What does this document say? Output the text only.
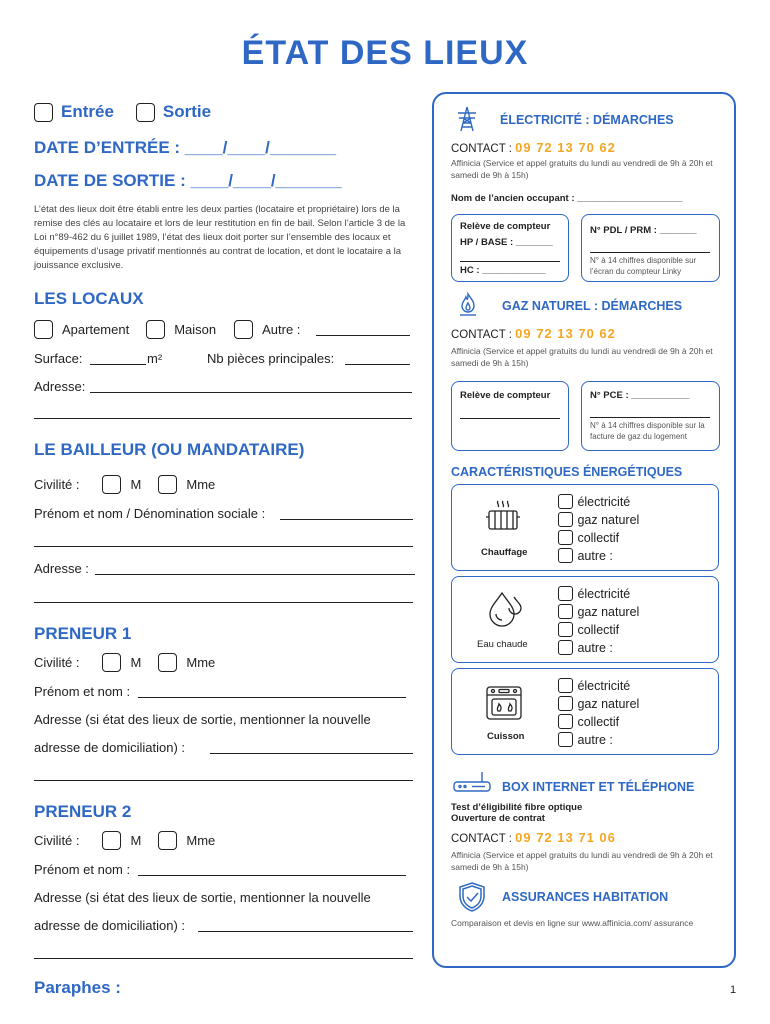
ÉTAT DES LIEUX
Entrée	Sortie
DATE D’ENTRÉE : ____/____/_______
DATE DE SORTIE : ____/____/_______
L’état des lieux doit être établi entre les deux parties (locataire et propriétaire) lors de la remise des clés au locataire et lors de leur restitution en fin de bail. Selon l’article 3 de la Loi n°89-462 du 6 juillet 1989, l’état des lieux doit porter sur l’ensemble des locaux et équipements d’usage privatif mentionnés au contrat de location, et dont le locataire a la jouissance exclusive.
LES LOCAUX
Apartement	Maison	Autre :
Surface:	m²	Nb pièces principales:
Adresse:
LE BAILLEUR (OU MANDATAIRE)
Civilité :	M	Mme
Prénom et nom / Dénomination sociale :
Adresse :
PRENEUR 1
Civilité :	M	Mme
Prénom et nom :
Adresse (si état des lieux de sortie, mentionner la nouvelle
adresse de domiciliation) :
PRENEUR 2
Civilité :	M	Mme
Prénom et nom :
Adresse (si état des lieux de sortie, mentionner la nouvelle
adresse de domiciliation) :
Paraphes :	1
ÉLECTRICITÉ : DÉMARCHES
CONTACT : 09 72 13 70 62
Affinicia (Service et appel gratuits du lundi au vendredi de 9h à 20h et samedi de 9h à 15h)
Nom de l’ancien occupant : ____________________
Relève de compteur
HP / BASE : _______
HC : ____________
N° PDL / PRM : _______
N° à 14 chiffres disponible sur l’écran du compteur Linky
GAZ NATUREL : DÉMARCHES
CONTACT : 09 72 13 70 62
Affinicia (Service et appel gratuits du lundi au vendredi de 9h à 20h et samedi de 9h à 15h)
Relève de compteur	N° PCE : ___________
N° à 14 chiffres disponible sur la facture de gaz du logement
CARACTÉRISTIQUES ÉNERGÉTIQUES
Chauffage
électricité
gaz naturel
collectif
autre :
Eau chaude
électricité
gaz naturel
collectif
autre :
Cuisson
électricité
gaz naturel
collectif
autre :
BOX INTERNET ET TÉLÉPHONE
Test d’éligibilité fibre optique
Ouverture de contrat
CONTACT : 09 72 13 71 06
Affinicia (Service et appel gratuits du lundi au vendredi de 9h à 20h et samedi de 9h à 15h)
ASSURANCES HABITATION
Comparaison et devis en ligne sur www.affinicia.com/ assurance
